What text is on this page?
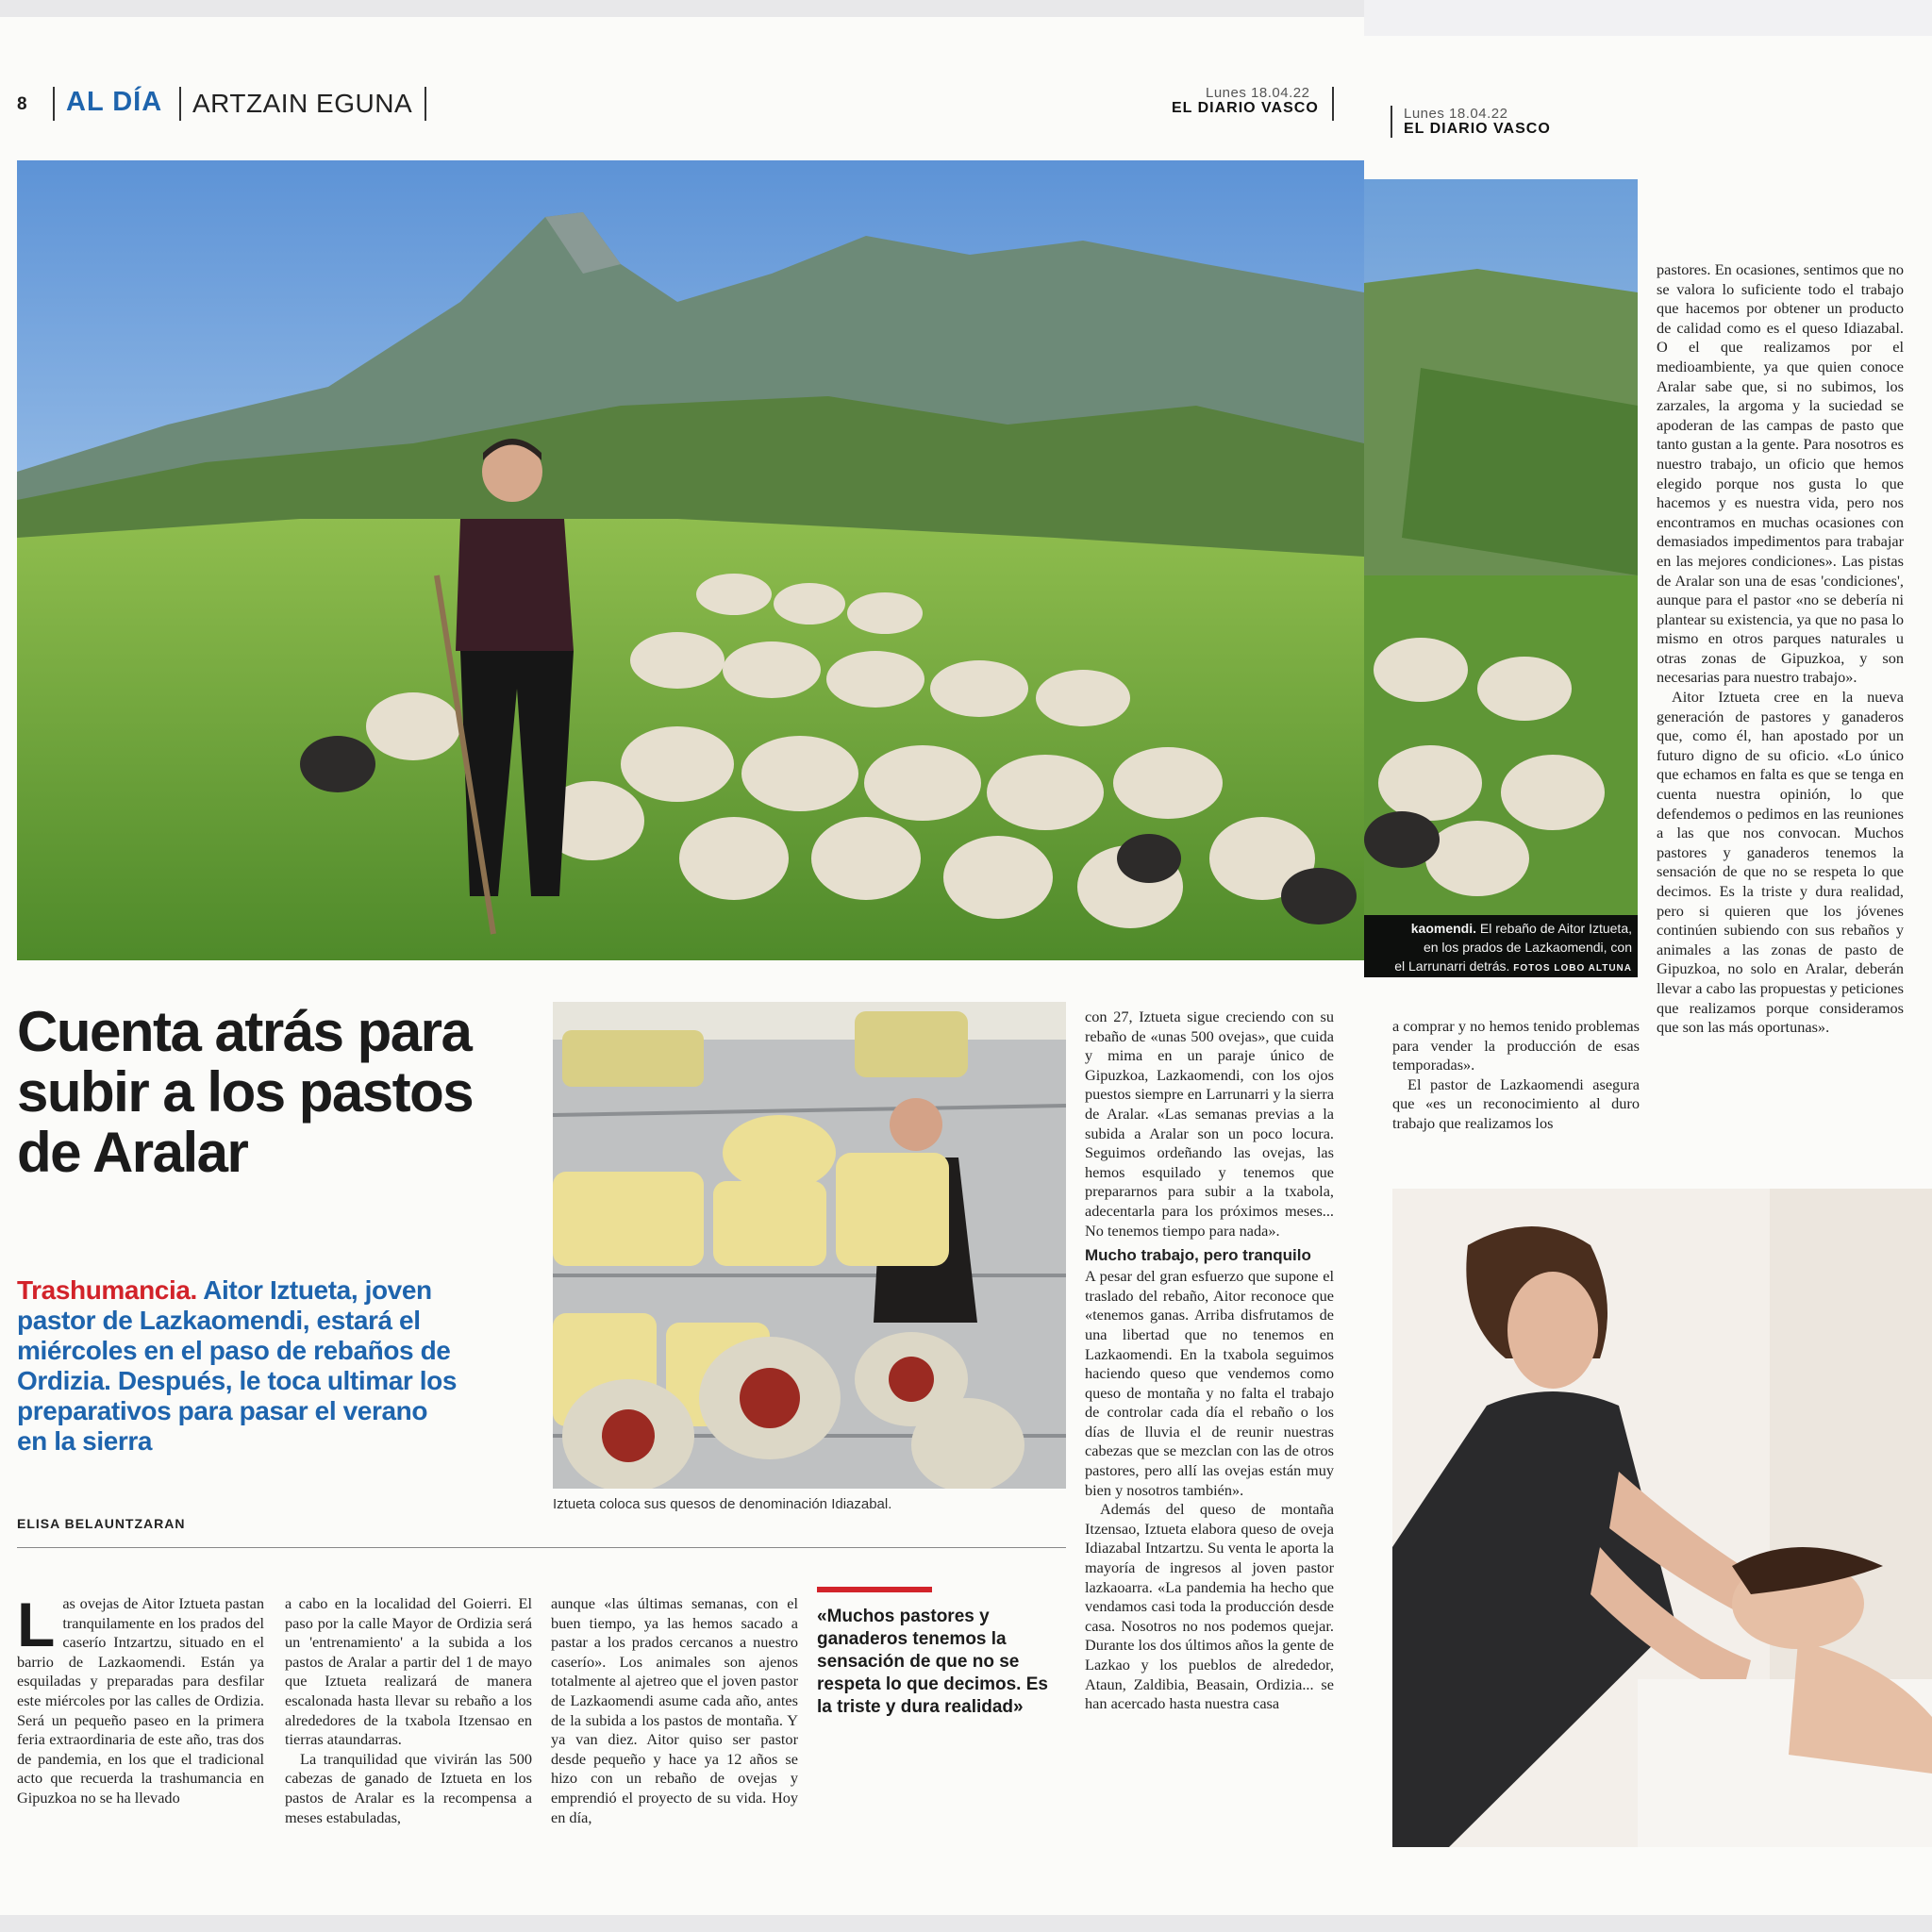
8 AL DÍA ARTZAIN EGUNA	Lunes 18.04.22
EL DIARIO VASCO	Lunes 18.04.22
EL DIARIO VASCO
kaomendi. El rebaño de Aitor Iztueta,
en los prados de Lazkaomendi, con
el Larrunarri detrás. FOTOS LOBO ALTUNA
Cuenta atrás para subir a los pastos de Aralar
Trashumancia. Aitor Iztueta, joven pastor de Lazkaomendi, estará el miércoles en el paso de rebaños de Ordizia. Después, le toca ultimar los preparativos para pasar el verano en la sierra
ELISA BELAUNTZARAN
Iztueta coloca sus quesos de denominación Idiazabal.

Las ovejas de Aitor Iztueta pastan tranquilamente en los prados del caserío Intzartzu, situado en el barrio de Lazkaomendi. Están ya esquiladas y preparadas para desfilar este miércoles por las calles de Ordizia. Será un pequeño paseo en la primera feria extraordinaria de este año, tras dos de pandemia, en los que el tradicional acto que recuerda la trashumancia en Gipuzkoa no se ha llevado

a cabo en la localidad del Goierri. El paso por la calle Mayor de Ordizia será un 'entrenamiento' a la subida a los pastos de Aralar a partir del 1 de mayo que Iztueta realizará de manera escalonada hasta llevar su rebaño a los alrededores de la txabola Itzensao en tierras ataundarras.

La tranquilidad que vivirán las 500 cabezas de ganado de Iztueta en los pastos de Aralar es la recompensa a meses estabuladas,

aunque «las últimas semanas, con el buen tiempo, ya las hemos sacado a pastar a los prados cercanos a nuestro caserío». Los animales son ajenos totalmente al ajetreo que el joven pastor de Lazkaomendi asume cada año, antes de la subida a los pastos de montaña. Y ya van diez. Aitor quiso ser pastor desde pequeño y hace ya 12 años se hizo con un rebaño de ovejas y emprendió el proyecto de su vida. Hoy en día,

«Muchos pastores y ganaderos tenemos la sensación de que no se respeta lo que decimos. Es la triste y dura realidad»

con 27, Iztueta sigue creciendo con su rebaño de «unas 500 ovejas», que cuida y mima en un paraje único de Gipuzkoa, Lazkaomendi, con los ojos puestos siempre en Larrunarri y la sierra de Aralar. «Las semanas previas a la subida a Aralar son un poco locura. Seguimos ordeñando las ovejas, las hemos esquilado y tenemos que prepararnos para subir a la txabola, adecentarla para los próximos meses... No tenemos tiempo para nada».

Mucho trabajo, pero tranquilo

A pesar del gran esfuerzo que supone el traslado del rebaño, Aitor reconoce que «tenemos ganas. Arriba disfrutamos de una libertad que no tenemos en Lazkaomendi. En la txabola seguimos haciendo queso que vendemos como queso de montaña y no falta el trabajo de controlar cada día el rebaño o los días de lluvia el de reunir nuestras cabezas que se mezclan con las de otros pastores, pero allí las ovejas están muy bien y nosotros también».

Además del queso de montaña Itzensao, Iztueta elabora queso de oveja Idiazabal Intzartzu. Su venta le aporta la mayoría de ingresos al joven pastor lazkaoarra. «La pandemia ha hecho que vendamos casi toda la producción desde casa. Nosotros no nos podemos quejar. Durante los dos últimos años la gente de Lazkao y los pueblos de alrededor, Ataun, Zaldibia, Beasain, Ordizia... se han acercado hasta nuestra casa

a comprar y no hemos tenido problemas para vender la producción de esas temporadas».

El pastor de Lazkaomendi asegura que «es un reconocimiento al duro trabajo que realizamos los

pastores. En ocasiones, sentimos que no se valora lo suficiente todo el trabajo que hacemos por obtener un producto de calidad como es el queso Idiazabal. O el que realizamos por el medioambiente, ya que quien conoce Aralar sabe que, si no subimos, los zarzales, la argoma y la suciedad se apoderan de las campas de pasto que tanto gustan a la gente. Para nosotros es nuestro trabajo, un oficio que hemos elegido porque nos gusta lo que hacemos y es nuestra vida, pero nos encontramos en muchas ocasiones con demasiados impedimentos para trabajar en las mejores condiciones». Las pistas de Aralar son una de esas 'condiciones', aunque para el pastor «no se debería ni plantear su existencia, ya que no pasa lo mismo en otros parques naturales u otras zonas de Gipuzkoa, y son necesarias para nuestro trabajo».

Aitor Iztueta cree en la nueva generación de pastores y ganaderos que, como él, han apostado por un futuro digno de su oficio. «Lo único que echamos en falta es que se tenga en cuenta nuestra opinión, lo que defendemos o pedimos en las reuniones a las que nos convocan. Muchos pastores y ganaderos tenemos la sensación de que no se respeta lo que decimos. Es la triste y dura realidad, pero si quieren que los jóvenes continúen subiendo con sus rebaños y animales a las zonas de pasto de Gipuzkoa, no solo en Aralar, deberán llevar a cabo las propuestas y peticiones que realizamos porque consideramos que son las más oportunas».
